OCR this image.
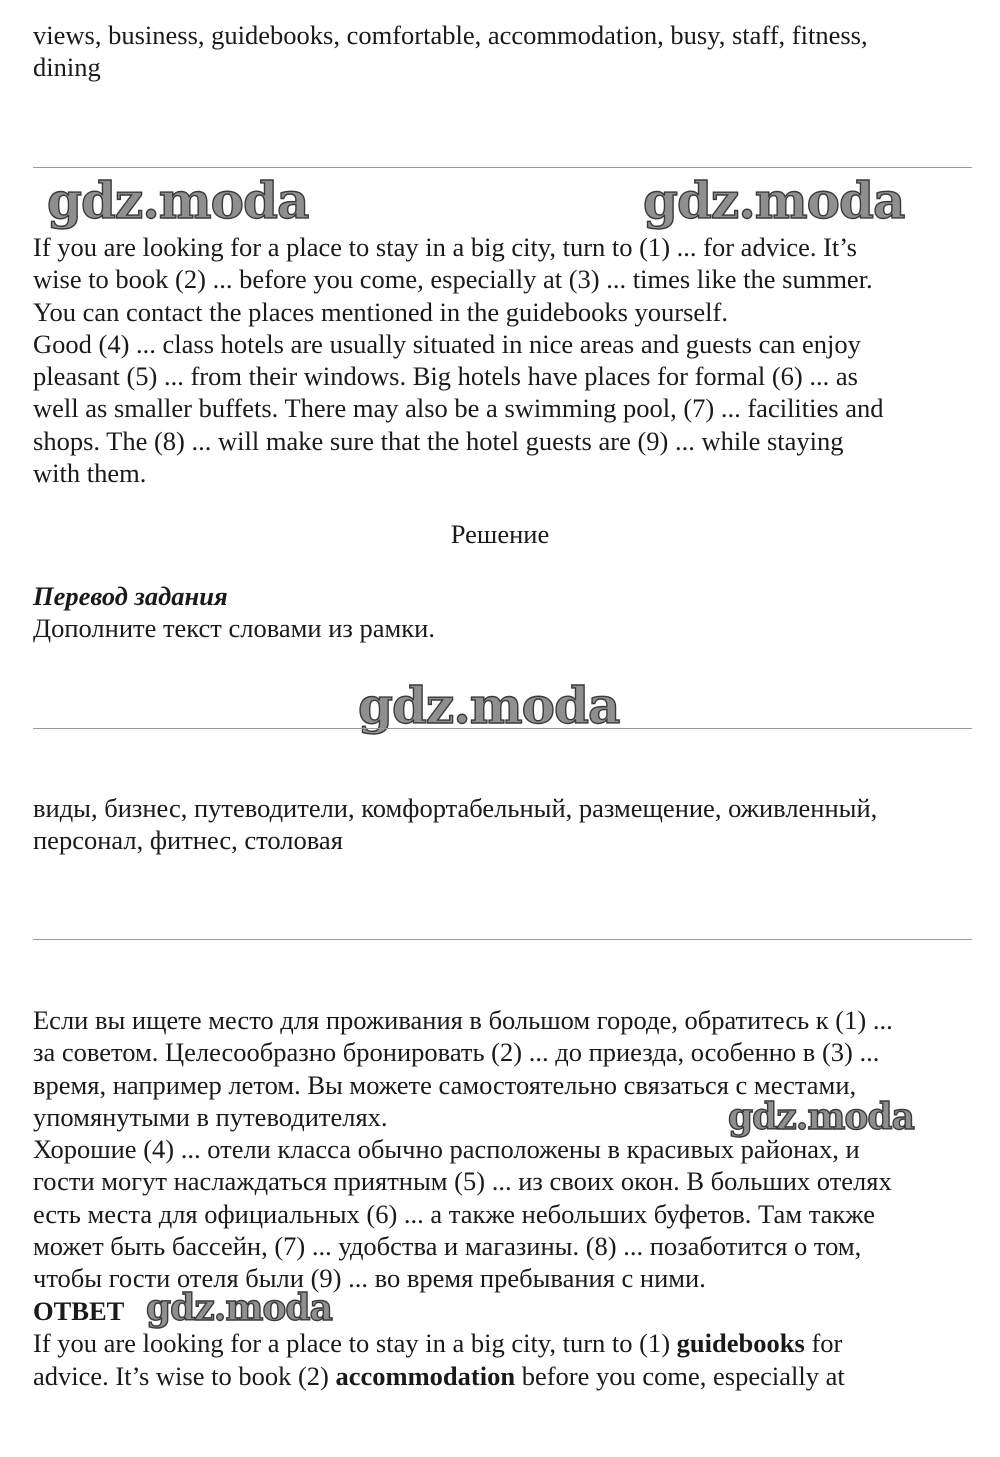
views, business, guidebooks, comfortable, accommodation, busy, staff, fitness,
dining
gdz.moda	gdz.moda
If you are looking for a place to stay in a big city, turn to (1) ... for advice. It’s
wise to book (2) ... before you come, especially at (3) ... times like the summer.
You can contact the places mentioned in the guidebooks yourself.
Good (4) ... class hotels are usually situated in nice areas and guests can enjoy
pleasant (5) ... from their windows. Big hotels have places for formal (6) ... as
well as smaller buffets. There may also be a swimming pool, (7) ... facilities and
shops. The (8) ... will make sure that the hotel guests are (9) ... while staying
with them.
Решение
Перевод задания
Дополните текст словами из рамки.
gdz.moda
виды, бизнес, путеводители, комфортабельный, размещение, оживленный,
персонал, фитнес, столовая
Если вы ищете место для проживания в большом городе, обратитесь к (1) ...
за советом. Целесообразно бронировать (2) ... до приезда, особенно в (3) ...
время, например летом. Вы можете самостоятельно связаться с местами,
упомянутыми в путеводителях.
Хорошие (4) ... отели класса обычно расположены в красивых районах, и
гости могут наслаждаться приятным (5) ... из своих окон. В больших отелях
есть места для официальных (6) ... а также небольших буфетов. Там также
может быть бассейн, (7) ... удобства и магазины. (8) ... позаботится о том,
чтобы гости отеля были (9) ... во время пребывания с ними.
gdz.moda
ОТВЕТ
If you are looking for a place to stay in a big city, turn to (1) guidebooks for
advice. It’s wise to book (2) accommodation before you come, especially at
gdz.moda
